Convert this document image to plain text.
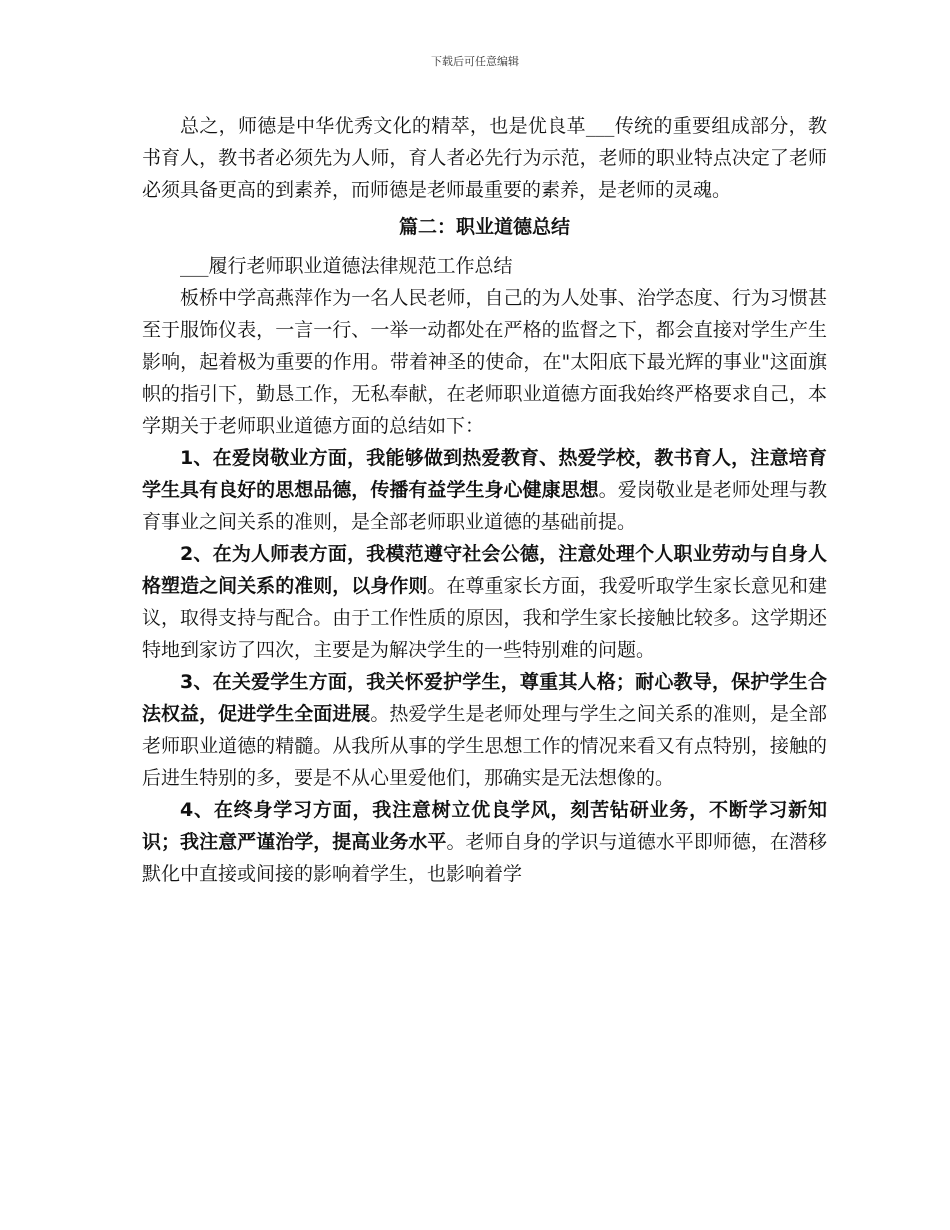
下载后可任意编辑

总之，师德是中华优秀文化的精萃，也是优良革___传统的重要组成部分，教书育人，教书者必须先为人师，育人者必先行为示范，老师的职业特点决定了老师必须具备更高的到素养，而师德是老师最重要的素养，是老师的灵魂。

篇二：职业道德总结

___履行老师职业道德法律规范工作总结

板桥中学高燕萍作为一名人民老师，自己的为人处事、治学态度、行为习惯甚至于服饰仪表，一言一行、一举一动都处在严格的监督之下，都会直接对学生产生影响，起着极为重要的作用。带着神圣的使命，在"太阳底下最光辉的事业"这面旗帜的指引下，勤恳工作，无私奉献，在老师职业道德方面我始终严格要求自己，本学期关于老师职业道德方面的总结如下：

1、在爱岗敬业方面，我能够做到热爱教育、热爱学校，教书育人，注意培育学生具有良好的思想品德，传播有益学生身心健康思想。爱岗敬业是老师处理与教育事业之间关系的准则，是全部老师职业道德的基础前提。

2、在为人师表方面，我模范遵守社会公德，注意处理个人职业劳动与自身人格塑造之间关系的准则，以身作则。在尊重家长方面，我爱听取学生家长意见和建议，取得支持与配合。由于工作性质的原因，我和学生家长接触比较多。这学期还特地到家访了四次，主要是为解决学生的一些特别难的问题。

3、在关爱学生方面，我关怀爱护学生，尊重其人格；耐心教导，保护学生合法权益，促进学生全面进展。热爱学生是老师处理与学生之间关系的准则，是全部老师职业道德的精髓。从我所从事的学生思想工作的情况来看又有点特别，接触的后进生特别的多，要是不从心里爱他们，那确实是无法想像的。

4、在终身学习方面，我注意树立优良学风，刻苦钻研业务，不断学习新知识；我注意严谨治学，提高业务水平。老师自身的学识与道德水平即师德，在潜移默化中直接或间接的影响着学生，也影响着学
